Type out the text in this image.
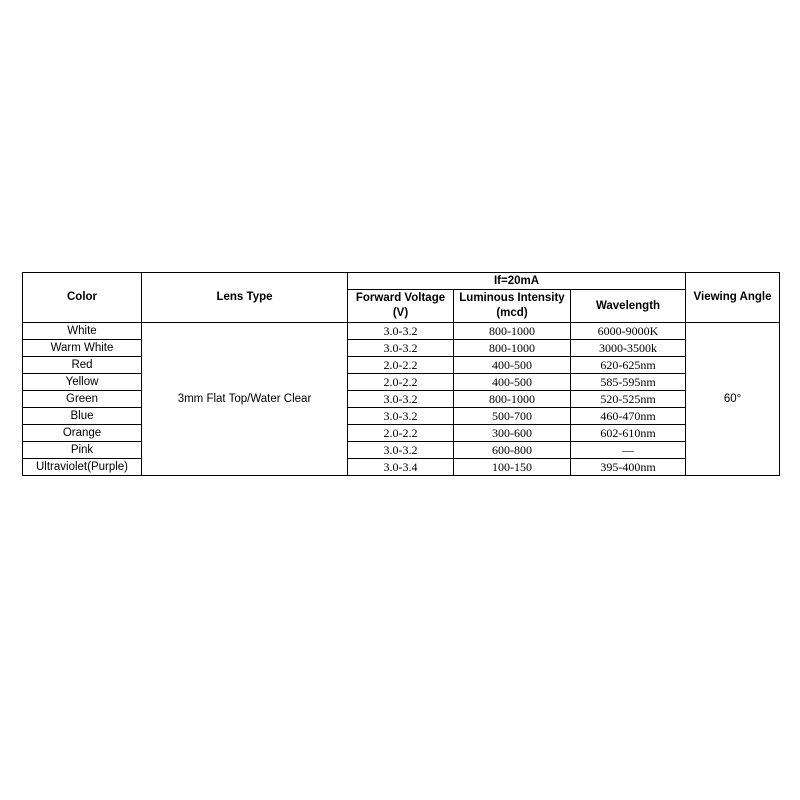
Color	Lens Type	If=20mA			Viewing Angle
		Forward Voltage (V)	Luminous Intensity (mcd)	Wavelength	
White	3mm Flat Top/Water Clear	3.0-3.2	800-1000	6000-9000K	60°
Warm White		3.0-3.2	800-1000	3000-3500k	
Red		2.0-2.2	400-500	620-625nm	
Yellow		2.0-2.2	400-500	585-595nm	
Green		3.0-3.2	800-1000	520-525nm	
Blue		3.0-3.2	500-700	460-470nm	
Orange		2.0-2.2	300-600	602-610nm	
Pink		3.0-3.2	600-800	—	
Ultraviolet(Purple)		3.0-3.4	100-150	395-400nm	
